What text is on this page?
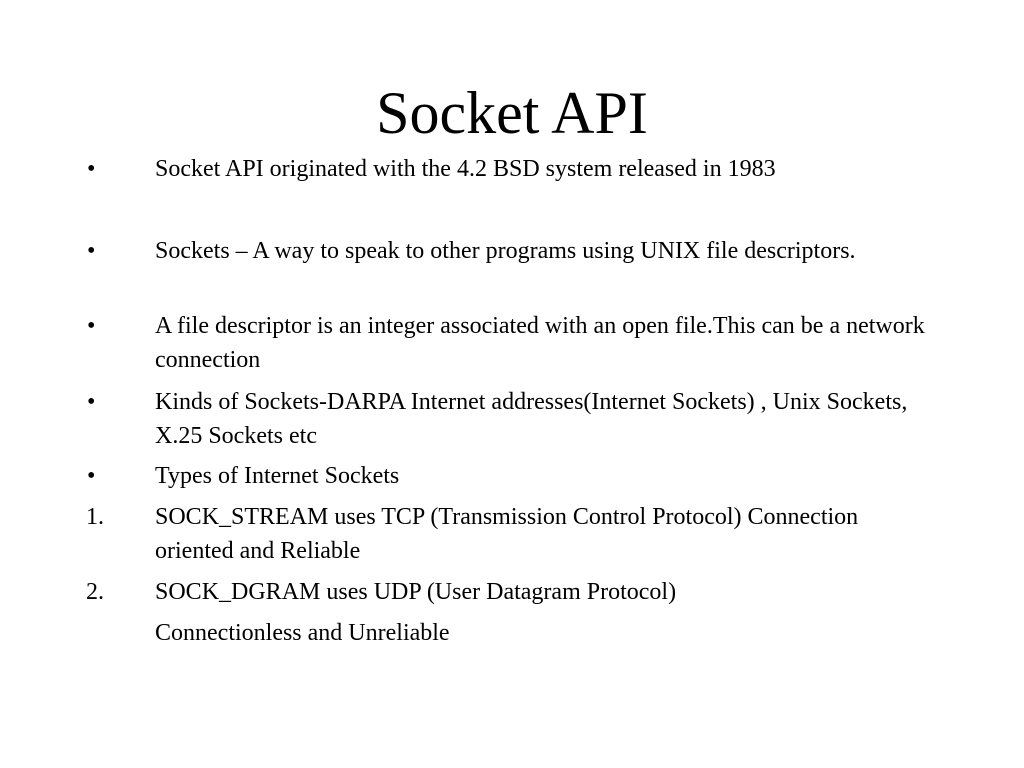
Socket API
• Socket API originated with the 4.2 BSD system released in 1983
• Sockets – A way to speak to other programs using UNIX file descriptors.
• A file descriptor is an integer associated with an open file.This can be a network connection
• Kinds of Sockets-DARPA Internet addresses(Internet Sockets) , Unix Sockets, X.25 Sockets etc
• Types of Internet Sockets
1. SOCK_STREAM uses TCP (Transmission Control Protocol) Connection oriented and Reliable
2. SOCK_DGRAM uses UDP (User Datagram Protocol)
Connectionless and Unreliable
